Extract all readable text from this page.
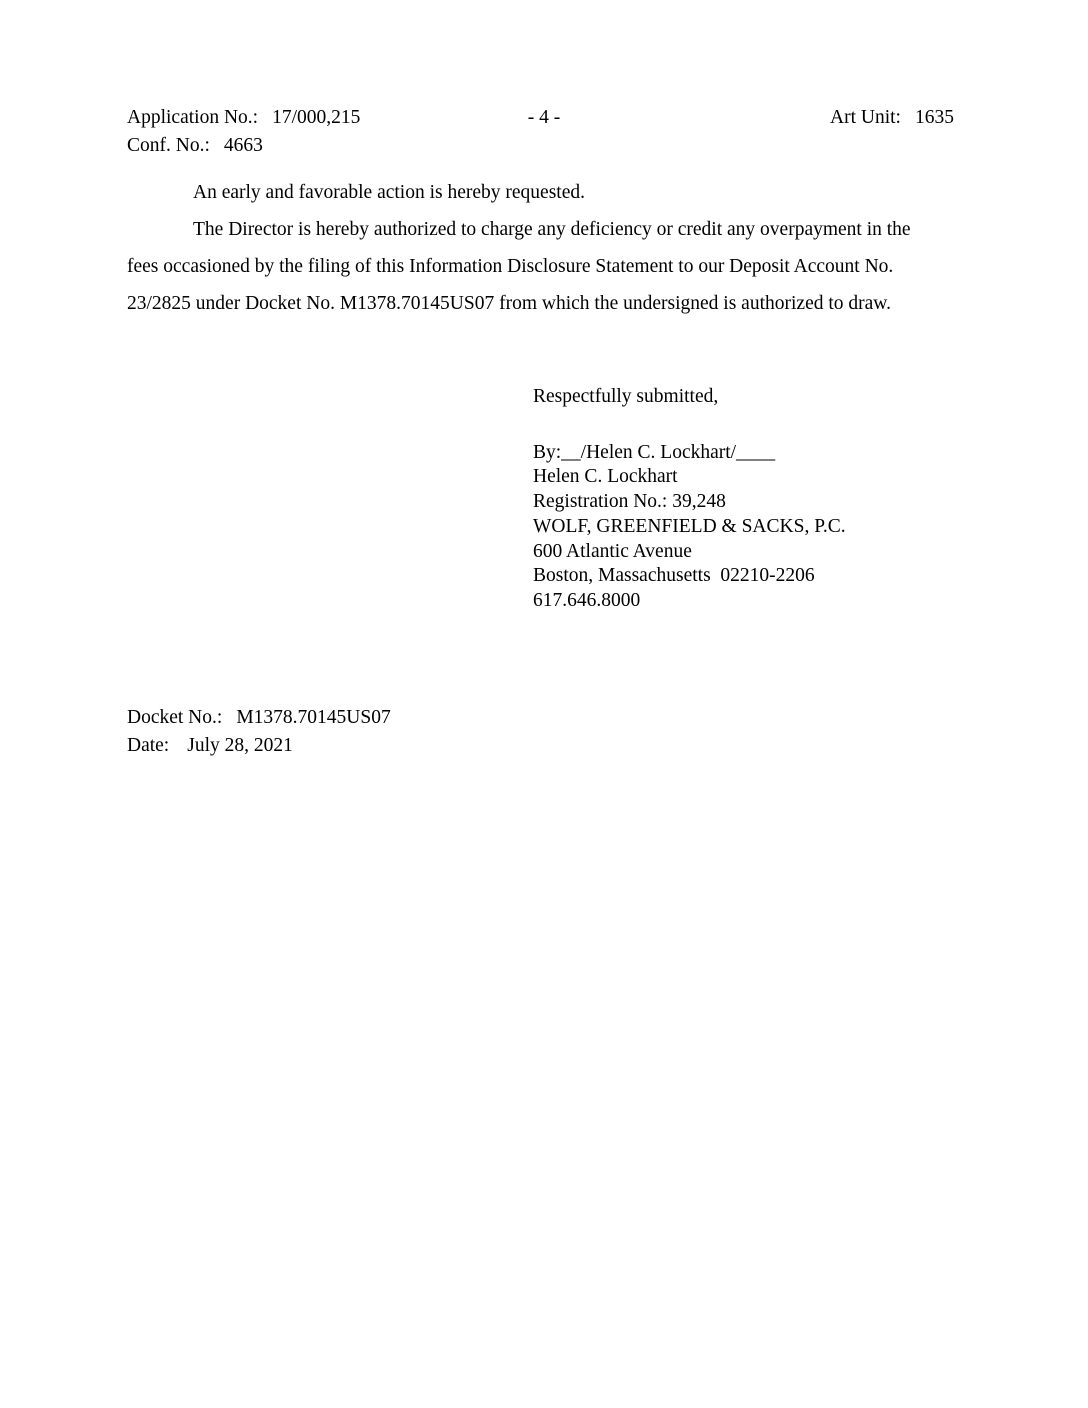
Application No.: 17/000,215
Conf. No.: 4663
- 4 -	Art Unit: 1635
An early and favorable action is hereby requested.
The Director is hereby authorized to charge any deficiency or credit any overpayment in the
fees occasioned by the filing of this Information Disclosure Statement to our Deposit Account No.
23/2825 under Docket No. M1378.70145US07 from which the undersigned is authorized to draw.
Respectfully submitted,
By:__/Helen C. Lockhart/____
Helen C. Lockhart
Registration No.: 39,248
WOLF, GREENFIELD & SACKS, P.C.
600 Atlantic Avenue
Boston, Massachusetts  02210-2206
617.646.8000
Docket No.: M1378.70145US07
Date: July 28, 2021
